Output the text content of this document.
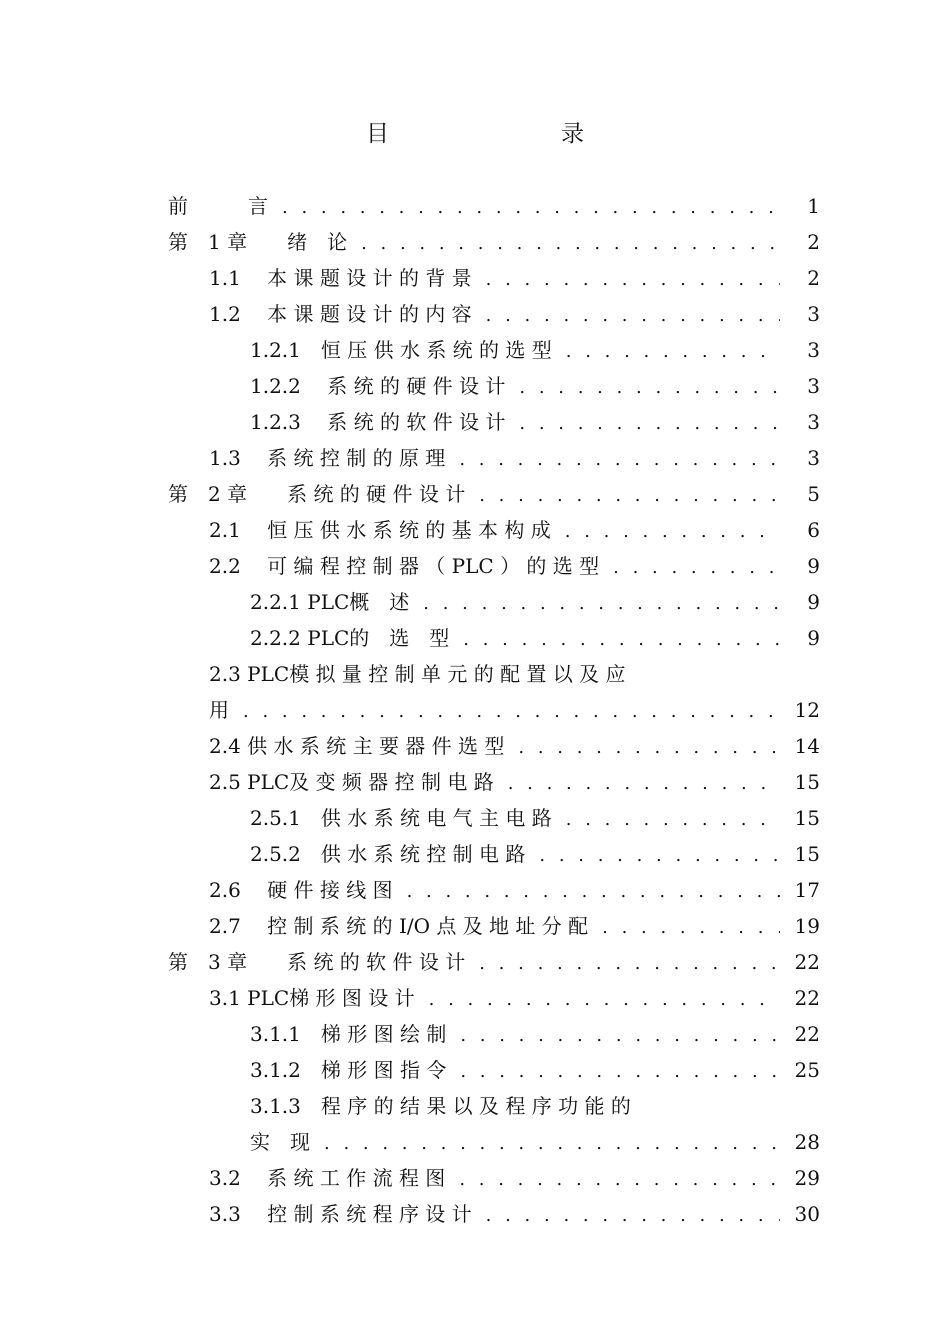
目　　录
前　　　言 . . .	1
第　1 章　　绪　论 . . .	2
1.1　 本 课 题 设 计 的 背 景 . . .	2
1.2　 本 课 题 设 计 的 内 容 . . .	3
1.2.1　恒 压 供 水 系 统 的 选 型 . . .	3
1.2.2　 系 统 的 硬 件 设 计 . . .	3
1.2.3　 系 统 的 软 件 设 计 . . .	3
1.3　 系 统 控 制 的 原 理 . . .	3
第　2 章　　系 统 的 硬 件 设 计 . . .	5
2.1　 恒 压 供 水 系 统 的 基 本 构 成 . . .	6
2.2　 可 编 程 控 制 器 （ PLC ） 的 选 型 . . .	9
2.2.1 PLC概　述 . . .	9
2.2.2 PLC的　选　型 . . .	9
2.3 PLC模 拟 量 控 制 单 元 的 配 置 以 及 应
用 . . .	12
2.4 供 水 系 统 主 要 器 件 选 型 . . .	14
2.5 PLC及 变 频 器 控 制 电 路 . . .	15
2.5.1　供 水 系 统 电 气 主 电 路 . . .	15
2.5.2　供 水 系 统 控 制 电 路 . . .	15
2.6　 硬 件 接 线 图 . . .	17
2.7　 控 制 系 统 的 I/O 点 及 地 址 分 配 . . .	19
第　3 章　　系 统 的 软 件 设 计 . . .	22
3.1 PLC梯 形 图 设 计 . . .	22
3.1.1　梯 形 图 绘 制 . . .	22
3.1.2　梯 形 图 指 令 . . .	25
3.1.3　程 序 的 结 果 以 及 程 序 功 能 的
实　现 . . .	28
3.2　 系 统 工 作 流 程 图 . . .	29
3.3　 控 制 系 统 程 序 设 计 . . .	30
